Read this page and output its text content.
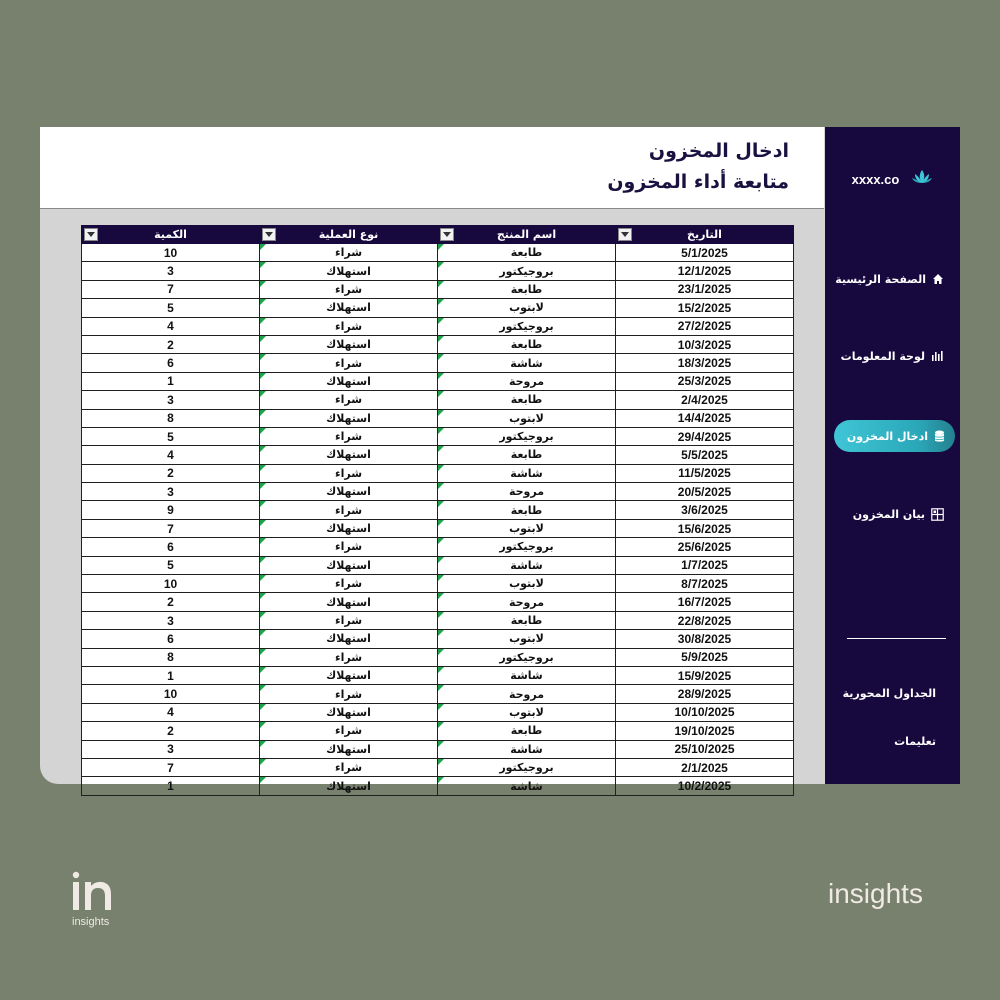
ادخال المخزون
متابعة أداء المخزون
الكمية	نوع العملية	اسم المنتج	التاريخ
10	شراء	طابعة	5/1/2025
3	استهلاك	بروجيكتور	12/1/2025
7	شراء	طابعة	23/1/2025
5	استهلاك	لابتوب	15/2/2025
4	شراء	بروجيكتور	27/2/2025
2	استهلاك	طابعة	10/3/2025
6	شراء	شاشة	18/3/2025
1	استهلاك	مروحة	25/3/2025
3	شراء	طابعة	2/4/2025
8	استهلاك	لابتوب	14/4/2025
5	شراء	بروجيكتور	29/4/2025
4	استهلاك	طابعة	5/5/2025
2	شراء	شاشة	11/5/2025
3	استهلاك	مروحة	20/5/2025
9	شراء	طابعة	3/6/2025
7	استهلاك	لابتوب	15/6/2025
6	شراء	بروجيكتور	25/6/2025
5	استهلاك	شاشة	1/7/2025
10	شراء	لابتوب	8/7/2025
2	استهلاك	مروحة	16/7/2025
3	شراء	طابعة	22/8/2025
6	استهلاك	لابتوب	30/8/2025
8	شراء	بروجيكتور	5/9/2025
1	استهلاك	شاشة	15/9/2025
10	شراء	مروحة	28/9/2025
4	استهلاك	لابتوب	10/10/2025
2	شراء	طابعة	19/10/2025
3	استهلاك	شاشة	25/10/2025
7	شراء	بروجيكتور	2/1/2025
1	استهلاك	شاشة	10/2/2025
xxxx.co
الصفحة الرئيسية
لوحة المعلومات
ادخال المخزون
بيان المخزون
الجداول المحورية
تعليمات
insights
insights
